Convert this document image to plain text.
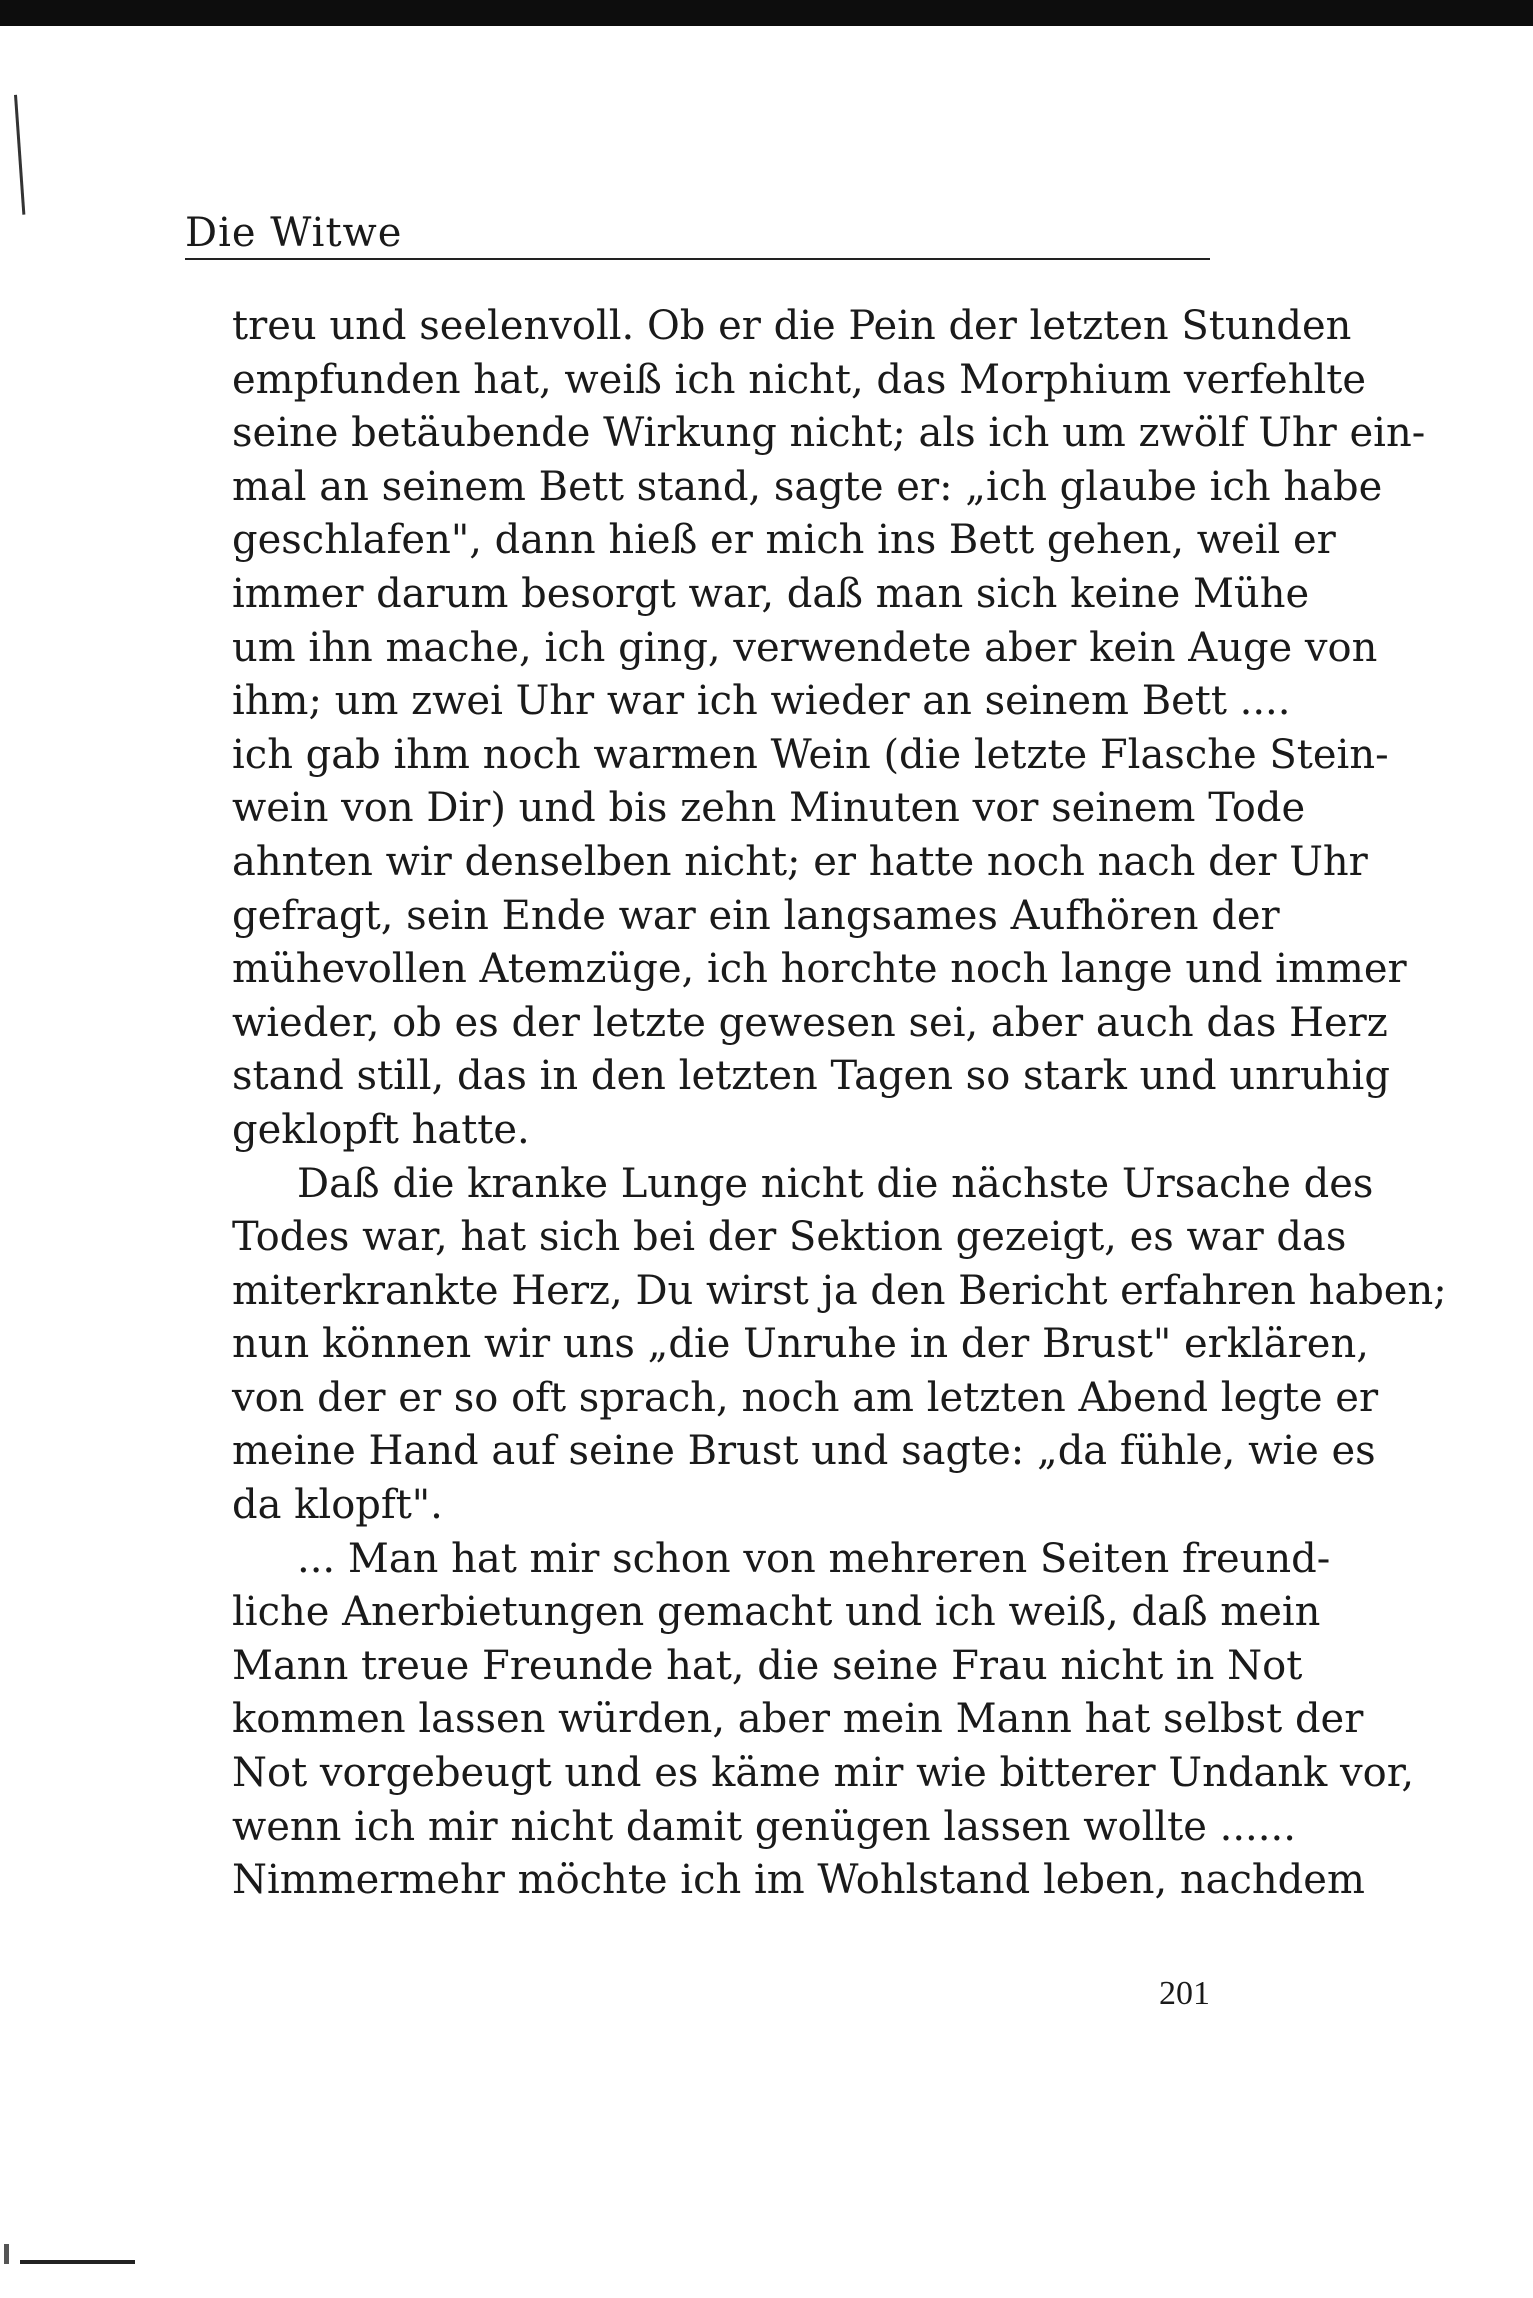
Die Witwe
treu und seelenvoll. Ob er die Pein der letzten Stunden
empfunden hat, weiß ich nicht, das Morphium verfehlte
seine betäubende Wirkung nicht; als ich um zwölf Uhr ein-
mal an seinem Bett stand, sagte er: „ich glaube ich habe
geschlafen", dann hieß er mich ins Bett gehen, weil er
immer darum besorgt war, daß man sich keine Mühe
um ihn mache, ich ging, verwendete aber kein Auge von
ihm; um zwei Uhr war ich wieder an seinem Bett ....
ich gab ihm noch warmen Wein (die letzte Flasche Stein-
wein von Dir) und bis zehn Minuten vor seinem Tode
ahnten wir denselben nicht; er hatte noch nach der Uhr
gefragt, sein Ende war ein langsames Aufhören der
mühevollen Atemzüge, ich horchte noch lange und immer
wieder, ob es der letzte gewesen sei, aber auch das Herz
stand still, das in den letzten Tagen so stark und unruhig
geklopft hatte.
Daß die kranke Lunge nicht die nächste Ursache des
Todes war, hat sich bei der Sektion gezeigt, es war das
miterkrankte Herz, Du wirst ja den Bericht erfahren haben;
nun können wir uns „die Unruhe in der Brust" erklären,
von der er so oft sprach, noch am letzten Abend legte er
meine Hand auf seine Brust und sagte: „da fühle, wie es
da klopft".
... Man hat mir schon von mehreren Seiten freund-
liche Anerbietungen gemacht und ich weiß, daß mein
Mann treue Freunde hat, die seine Frau nicht in Not
kommen lassen würden, aber mein Mann hat selbst der
Not vorgebeugt und es käme mir wie bitterer Undank vor,
wenn ich mir nicht damit genügen lassen wollte ......
Nimmermehr möchte ich im Wohlstand leben, nachdem
201
